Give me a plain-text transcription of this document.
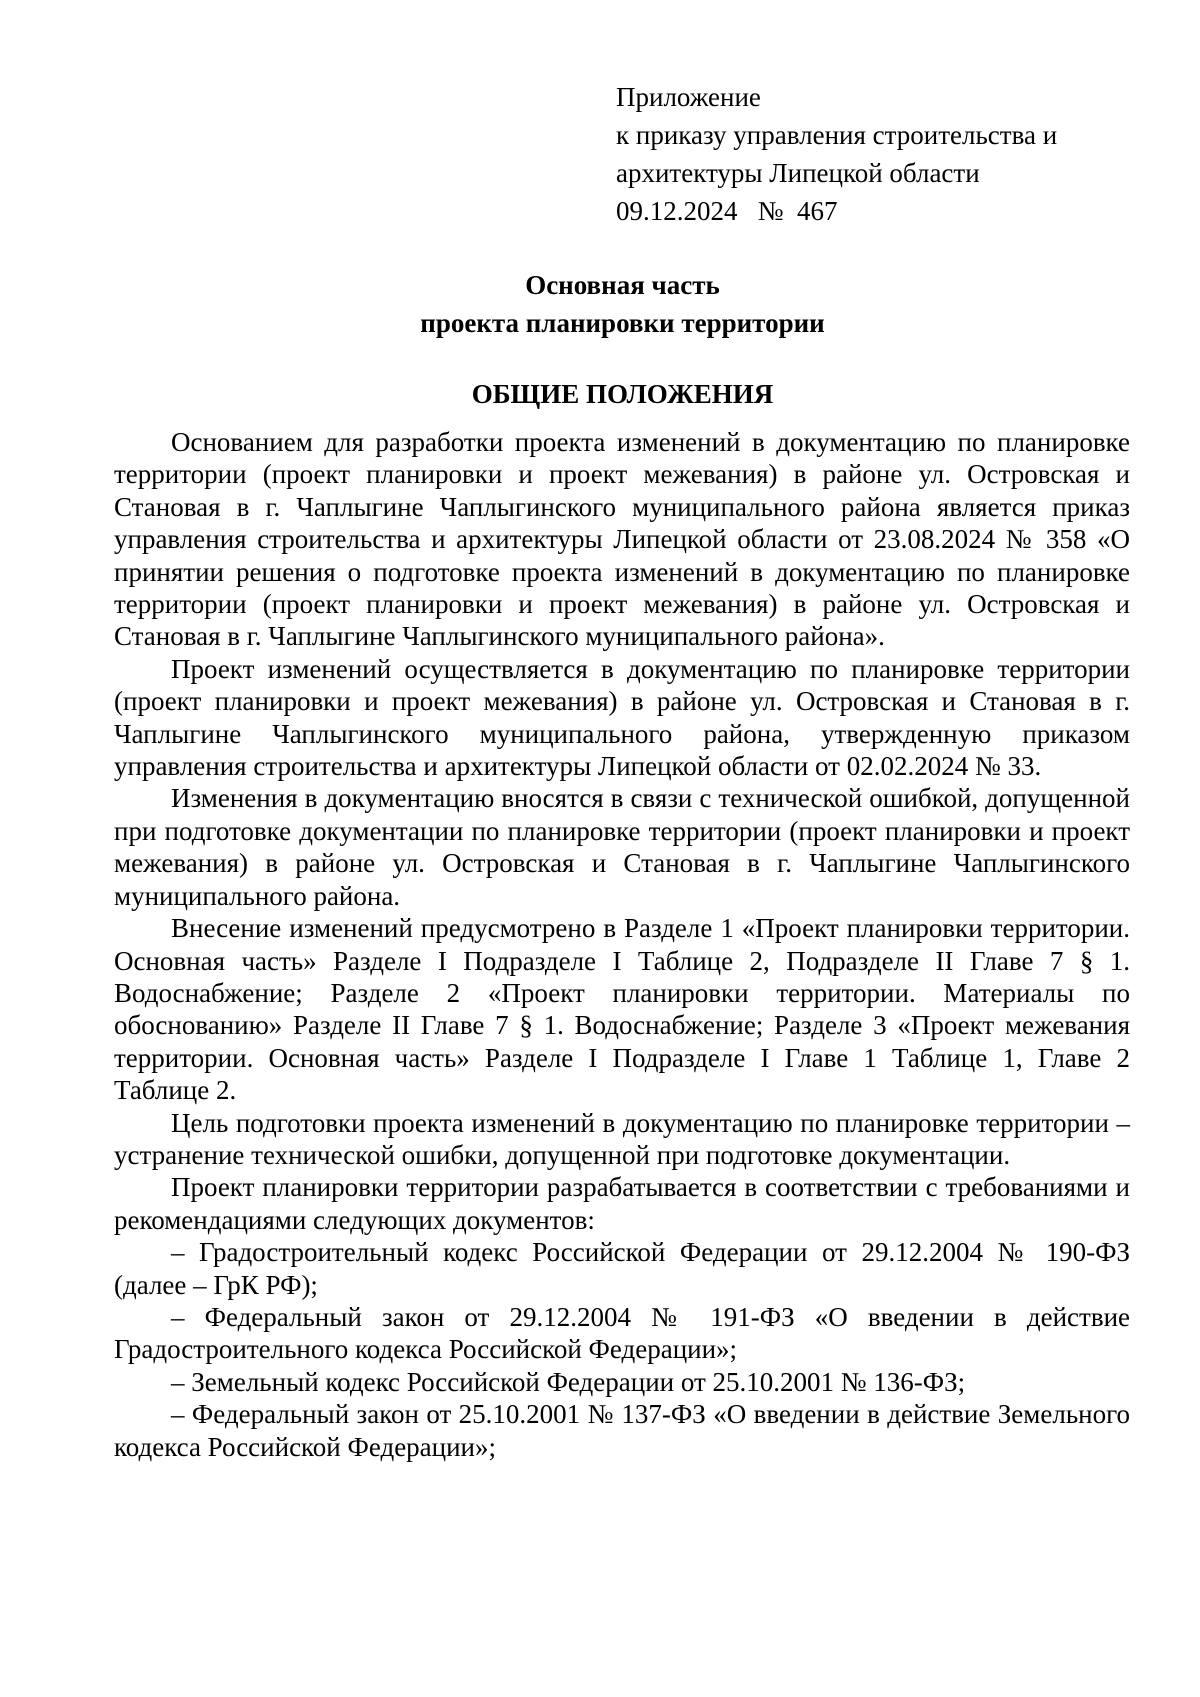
Приложение
к приказу управления строительства и
архитектуры Липецкой области
09.12.2024   №  467
Основная часть
проекта планировки территории
ОБЩИЕ ПОЛОЖЕНИЯ

Основанием для разработки проекта изменений в документацию по планировке территории (проект планировки и проект межевания) в районе ул. Островская и Становая в г. Чаплыгине Чаплыгинского муниципального района является приказ управления строительства и архитектуры Липецкой области от 23.08.2024 № 358 «О принятии решения о подготовке проекта изменений в документацию по планировке территории (проект планировки и проект межевания) в районе ул. Островская и Становая в г. Чаплыгине Чаплыгинского муниципального района».

Проект изменений осуществляется в документацию по планировке территории (проект планировки и проект межевания) в районе ул. Островская и Становая в г. Чаплыгине Чаплыгинского муниципального района, утвержденную приказом управления строительства и архитектуры Липецкой области от 02.02.2024 № 33.

Изменения в документацию вносятся в связи с технической ошибкой, допущенной при подготовке документации по планировке территории (проект планировки и проект межевания) в районе ул. Островская и Становая в г. Чаплыгине Чаплыгинского муниципального района.

Внесение изменений предусмотрено в Разделе 1 «Проект планировки территории. Основная часть» Разделе I Подразделе I Таблице 2, Подразделе II Главе 7 § 1. Водоснабжение; Разделе 2 «Проект планировки территории. Материалы по обоснованию» Разделе II Главе 7 § 1. Водоснабжение; Разделе 3 «Проект межевания территории. Основная часть» Разделе I Подразделе I Главе 1 Таблице 1, Главе 2 Таблице 2.

Цель подготовки проекта изменений в документацию по планировке территории – устранение технической ошибки, допущенной при подготовке документации.

Проект планировки территории разрабатывается в соответствии с требованиями и рекомендациями следующих документов:

– Градостроительный кодекс Российской Федерации от 29.12.2004 № 190-ФЗ (далее – ГрК РФ);

– Федеральный закон от 29.12.2004 № 191-ФЗ «О введении в действие Градостроительного кодекса Российской Федерации»;

– Земельный кодекс Российской Федерации от 25.10.2001 № 136-ФЗ;

– Федеральный закон от 25.10.2001 № 137-ФЗ «О введении в действие Земельного кодекса Российской Федерации»;
